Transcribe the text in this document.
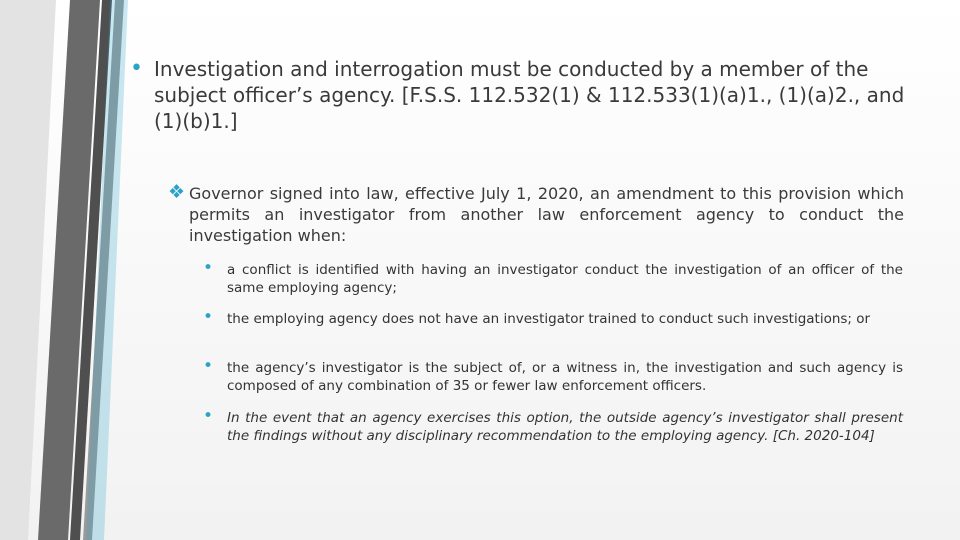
• Investigation and interrogation must be conducted by a member of the subject officer’s agency. [F.S.S. 112.532(1) & 112.533(1)(a)1., (1)(a)2., and (1)(b)1.]
❖ Governor signed into law, effective July 1, 2020, an amendment to this provision which permits an investigator from another law enforcement agency to conduct the investigation when:
•	a conflict is identified with having an investigator conduct the investigation of an officer of the same employing agency;
•	the employing agency does not have an investigator trained to conduct such investigations; or
•	the agency’s investigator is the subject of, or a witness in, the investigation and such agency is composed of any combination of 35 or fewer law enforcement officers.
•	In the event that an agency exercises this option, the outside agency’s investigator shall present the findings without any disciplinary recommendation to the employing agency. [Ch. 2020-104]
